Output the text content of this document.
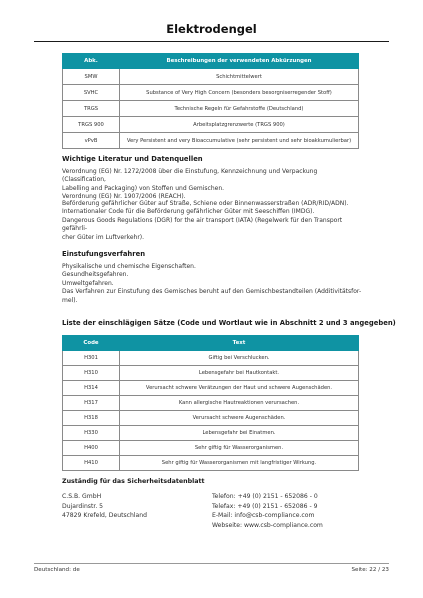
Elektrodengel
Abk.	Beschreibungen der verwendeten Abkürzungen
SMW	Schichtmittelwert
SVHC	Substance of Very High Concern (besonders besorgniserregender Stoff)
TRGS	Technische Regeln für Gefahrstoffe (Deutschland)
TRGS 900	Arbeitsplatzgrenzwerte (TRGS 900)
vPvB	Very Persistent and very Bioaccumulative (sehr persistent und sehr bioakkumulierbar)
Wichtige Literatur und Datenquellen
Verordnung (EG) Nr. 1272/2008 über die Einstufung, Kennzeichnung und Verpackung (Classification,
Labelling and Packaging) von Stoffen und Gemischen.
Verordnung (EG) Nr. 1907/2006 (REACH).
Beförderung gefährlicher Güter auf Straße, Schiene oder Binnenwasserstraßen (ADR/RID/ADN).
Internationaler Code für die Beförderung gefährlicher Güter mit Seeschiffen (IMDG).
Dangerous Goods Regulations (DGR) for the air transport (IATA) (Regelwerk für den Transport gefährli-
cher Güter im Luftverkehr).
Einstufungsverfahren
Physikalische und chemische Eigenschaften.
Gesundheitsgefahren.
Umweltgefahren.
Das Verfahren zur Einstufung des Gemisches beruht auf den Gemischbestandteilen (Additivitätsfor-
mel).
Liste der einschlägigen Sätze (Code und Wortlaut wie in Abschnitt 2 und 3 angegeben)
Code	Text
H301	Giftig bei Verschlucken.
H310	Lebensgefahr bei Hautkontakt.
H314	Verursacht schwere Verätzungen der Haut und schwere Augenschäden.
H317	Kann allergische Hautreaktionen verursachen.
H318	Verursacht schwere Augenschäden.
H330	Lebensgefahr bei Einatmen.
H400	Sehr giftig für Wasserorganismen.
H410	Sehr giftig für Wasserorganismen mit langfristiger Wirkung.
Zuständig für das Sicherheitsdatenblatt
C.S.B. GmbH
Dujardinstr. 5
47829 Krefeld, Deutschland
Telefon: +49 (0) 2151 - 652086 - 0
Telefax: +49 (0) 2151 - 652086 - 9
E-Mail: info@csb-compliance.com
Webseite: www.csb-compliance.com
Deutschland: de	Seite: 22 / 23
